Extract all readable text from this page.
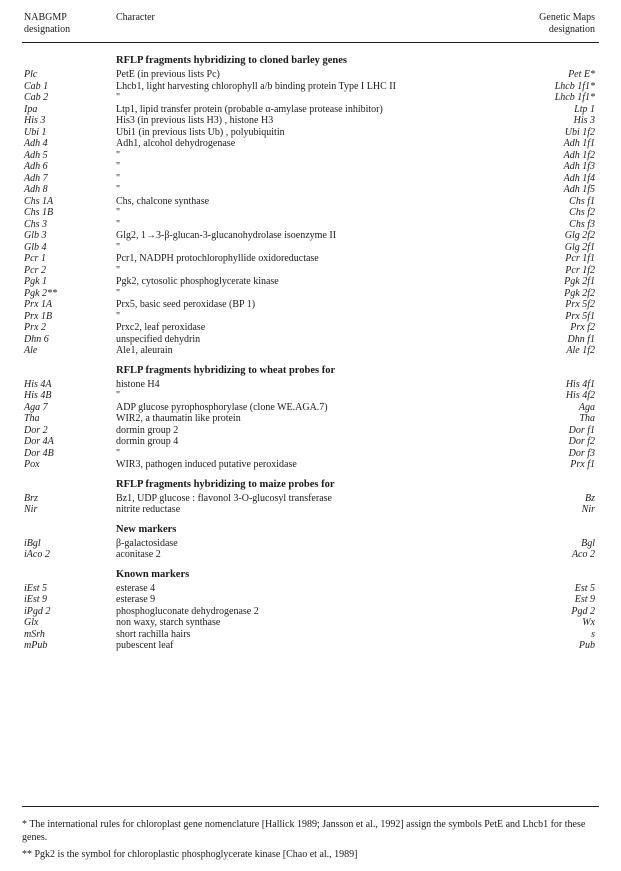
NABGMP designation
Character	Genetic Maps designation
RFLP fragments hybridizing to cloned barley genes
Plc	PetE (in previous lists Pc)	Pet E*
Cab 1	Lhcb1, light harvesting chlorophyll a/b binding protein Type I LHC II	Lhcb 1f1*
Cab 2	"	Lhcb 1f1*
Ipa	Ltp1, lipid transfer protein (probable α-amylase protease inhibitor)	Ltp 1
His 3	His3 (in previous lists H3) , histone H3	His 3
Ubi 1	Ubi1 (in previous lists Ub) , polyubiquitin	Ubi 1f2
Adh 4	Adh1, alcohol dehydrogenase	Adh 1f1
Adh 5	"	Adh 1f2
Adh 6	"	Adh 1f3
Adh 7	"	Adh 1f4
Adh 8	"	Adh 1f5
Chs 1A	Chs, chalcone synthase	Chs f1
Chs 1B	"	Chs f2
Chs 3	"	Chs f3
Glb 3	Glg2, 1→3-β-glucan-3-glucanohydrolase isoenzyme II	Glg 2f2
Glb 4	"	Glg 2f1
Pcr 1	Pcr1, NADPH protochlorophyllide oxidoreductase	Pcr 1f1
Pcr 2	"	Pcr 1f2
Pgk 1	Pgk2, cytosolic phosphoglycerate kinase	Pgk 2f1
Pgk 2**	"	Pgk 2f2
Prx 1A	Prx5, basic seed peroxidase (BP 1)	Prx 5f2
Prx 1B	"	Prx 5f1
Prx 2	Prxc2, leaf peroxidase	Prx f2
Dhn 6	unspecified dehydrin	Dhn f1
Ale	Ale1, aleurain	Ale 1f2
RFLP fragments hybridizing to wheat probes for
His 4A	histone H4	His 4f1
His 4B	"	His 4f2
Aga 7	ADP glucose pyrophosphorylase (clone WE.AGA.7)	Aga
Tha	WIR2, a thaumatin like protein	Tha
Dor 2	dormin group 2	Dor f1
Dor 4A	dormin group 4	Dor f2
Dor 4B	"	Dor f3
Pox	WIR3, pathogen induced putative peroxidase	Prx f1
RFLP fragments hybridizing to maize probes for
Brz	Bz1, UDP glucose : flavonol 3-O-glucosyl transferase	Bz
Nir	nitrite reductase	Nir
New markers
iBgl	β-galactosidase	Bgl
iAco 2	aconitase 2	Aco 2
Known markers
iEst 5	esterase 4	Est 5
iEst 9	esterase 9	Est 9
iPgd 2	phosphogluconate dehydrogenase 2	Pgd 2
Glx	non waxy, starch synthase	Wx
mSrh	short rachilla hairs	s
mPub	pubescent leaf	Pub
* The international rules for chloroplast gene nomenclature [Hallick 1989; Jansson et al., 1992] assign the symbols PetE and Lhcb1 for these genes.
** Pgk2 is the symbol for chloroplastic phosphoglycerate kinase [Chao et al., 1989]
